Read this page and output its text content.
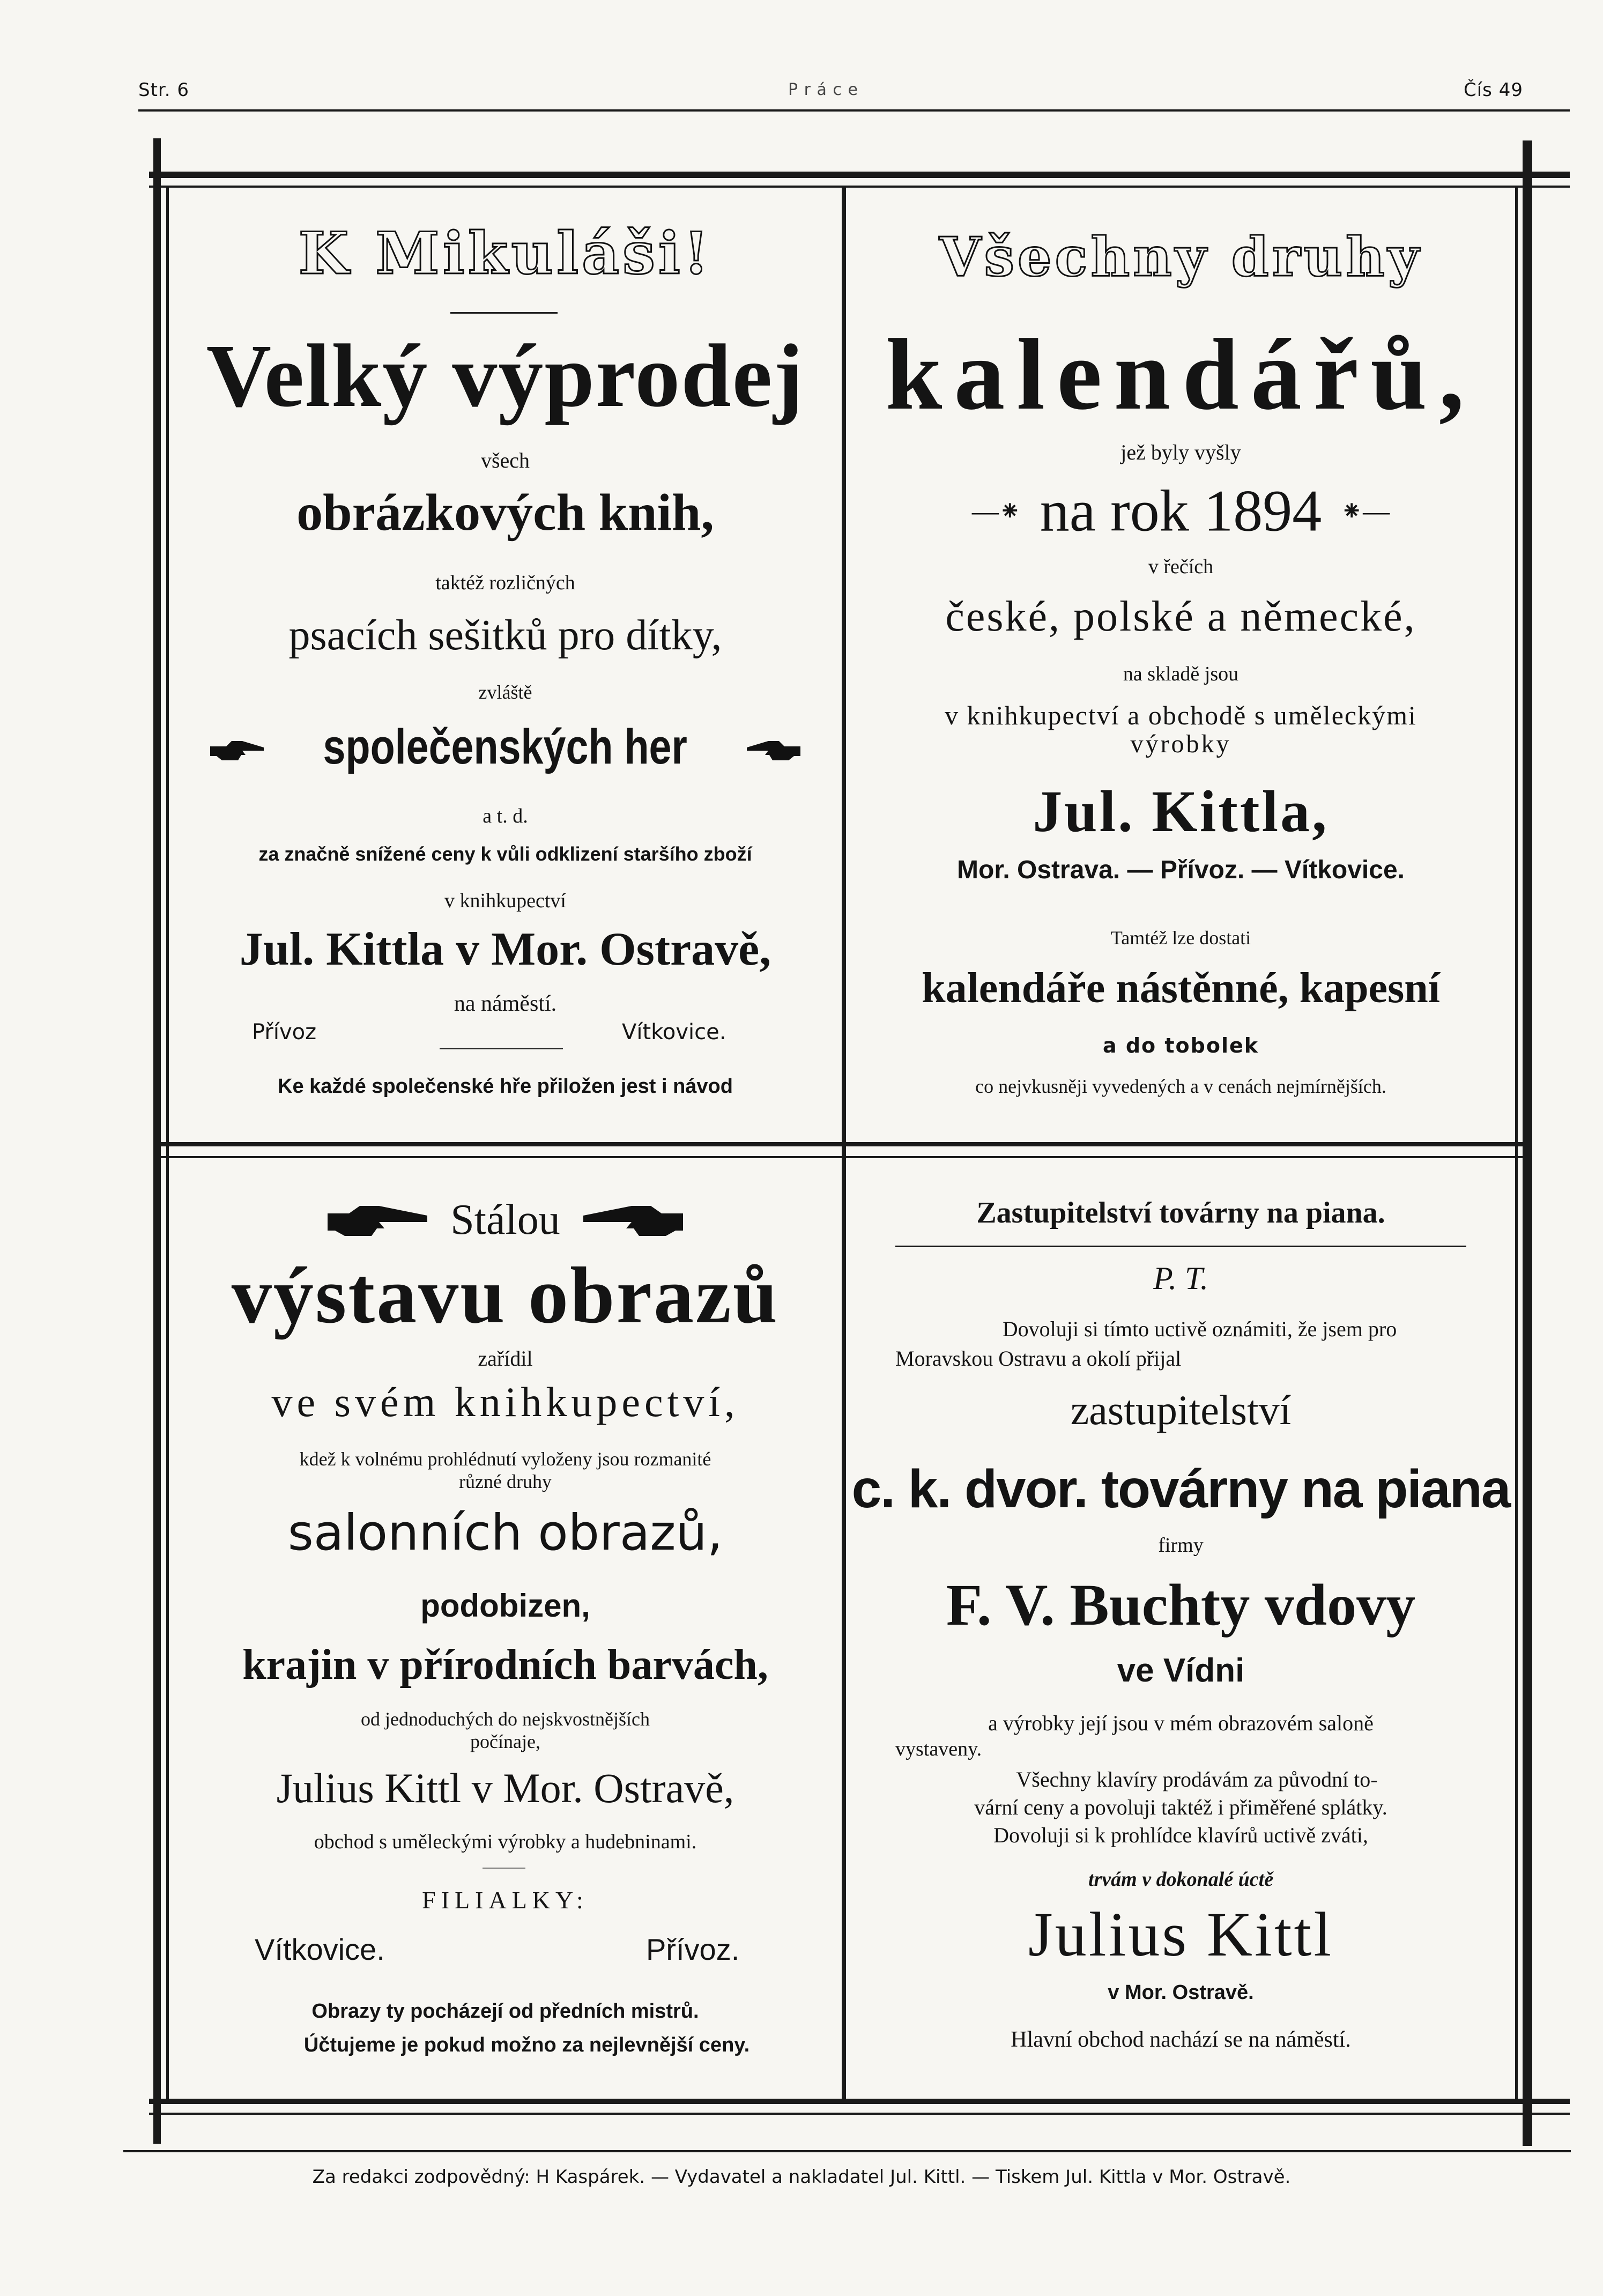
Str. 6	P r á c e	Čís 49
K Mikuláši!
Velký výprodej
všech
obrázkových knih,
taktéž rozličných
psacích sešitků pro dítky,
zvláště
společenských her
a t. d.
za značně snížené ceny k vůli odklizení staršího zboží
v knihkupectví
Jul. Kittla v Mor. Ostravě,
na náměstí.
Přívoz	Vítkovice.
Ke každé společenské hře přiložen jest i návod
Všechny druhy
kalendářů,
jež byly vyšly
—⁕ na rok 1894 ⁕—
v řečích
české, polské a německé,
na skladě jsou
v knihkupectví a obchodě s uměleckými
výrobky
Jul. Kittla,
Mor. Ostrava. — Přívoz. — Vítkovice.
Tamtéž lze dostati
kalendáře nástěnné, kapesní
a do tobolek
co nejvkusněji vyvedených a v cenách nejmírnějších.
Stálou
výstavu obrazů
zařídil
ve svém knihkupectví,
kdež k volnému prohlédnutí vyloženy jsou rozmanité
různé druhy
salonních obrazů,
podobizen,
krajin v přírodních barvách,
od jednoduchých do nejskvostnějších
počínaje,
Julius Kittl v Mor. Ostravě,
obchod s uměleckými výrobky a hudebninami.
FILIALKY:
Vítkovice.	Přívoz.
Obrazy ty pocházejí od předních mistrů.
Účtujeme je pokud možno za nejlevnější ceny.
Zastupitelství továrny na piana.
P. T.
Dovoluji si tímto uctivě oznámiti, že jsem pro
Moravskou Ostravu a okolí přijal
zastupitelství
c. k. dvor. továrny na piana
firmy
F. V. Buchty vdovy
ve Vídni
a výrobky její jsou v mém obrazovém saloně
vystaveny.
Všechny klavíry prodávám za původní to-
vární ceny a povoluji taktéž i přiměřené splátky.
Dovoluji si k prohlídce klavírů uctivě zváti,
trvám v dokonalé úctě
Julius Kittl
v Mor. Ostravě.
Hlavní obchod nachází se na náměstí.
Za redakci zodpovědný: H Kaspárek. — Vydavatel a nakladatel Jul. Kittl. — Tiskem Jul. Kittla v Mor. Ostravě.
